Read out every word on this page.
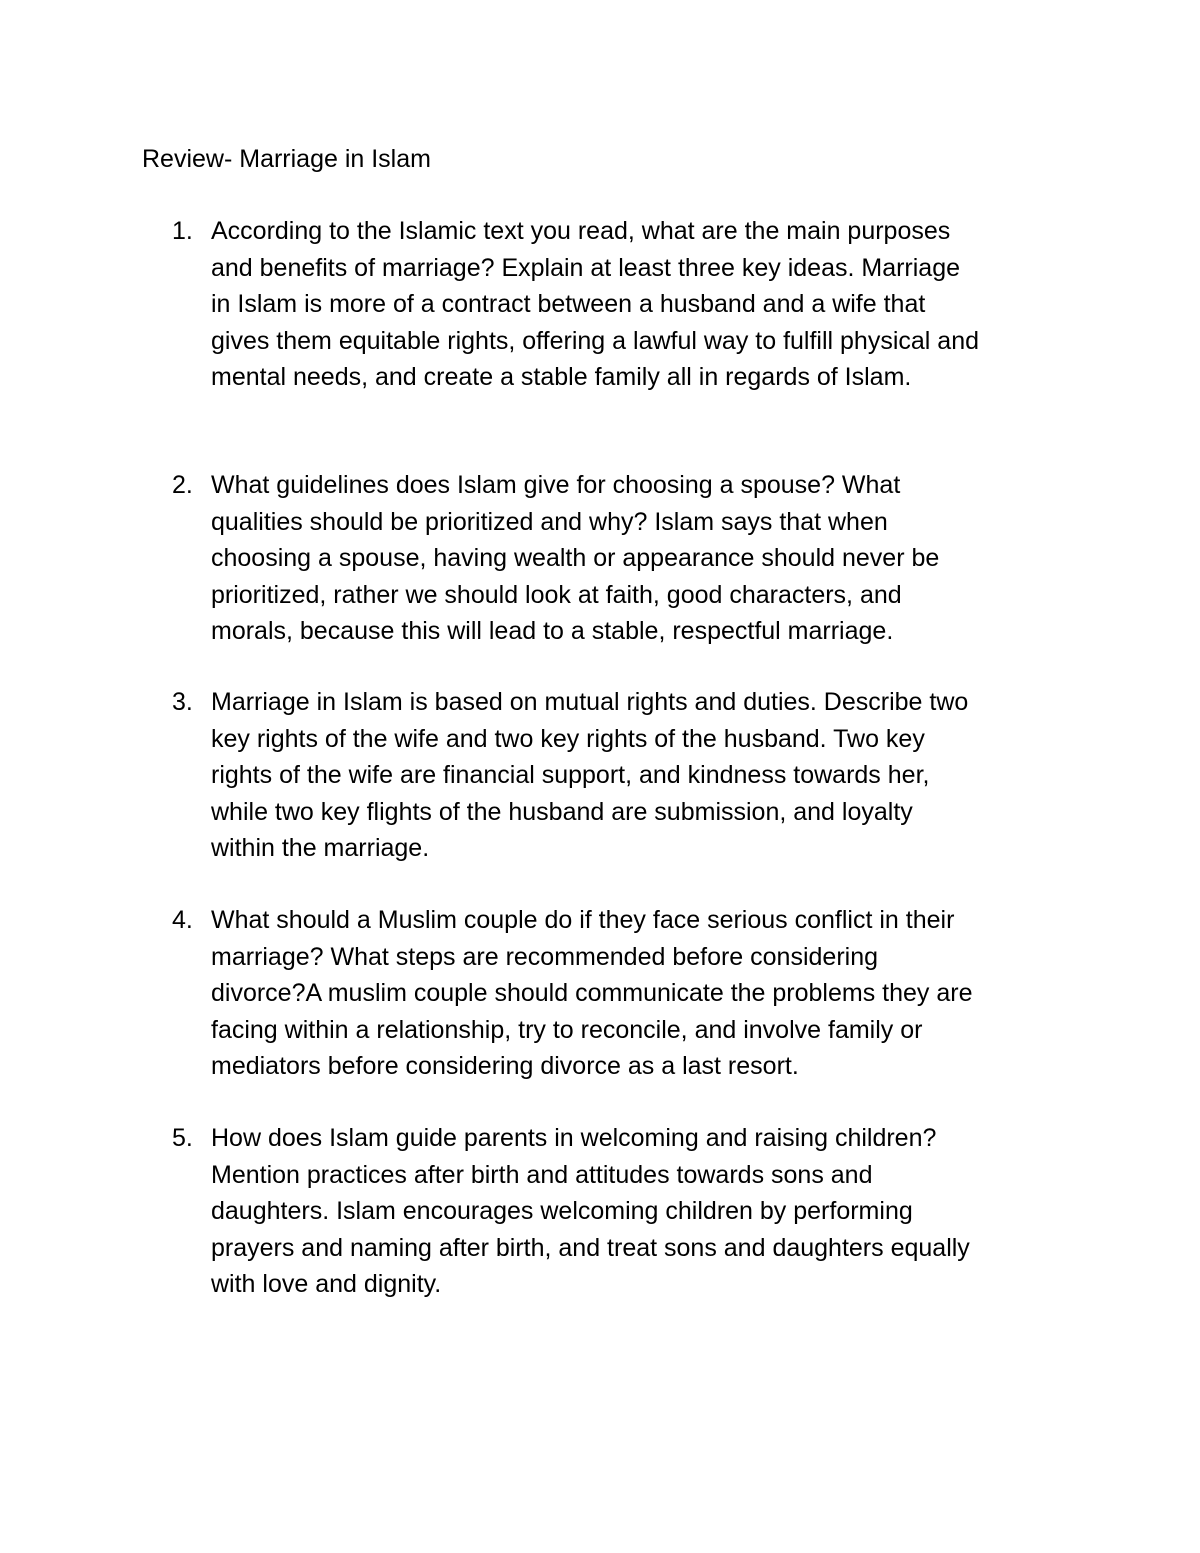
Review- Marriage in Islam
1. According to the Islamic text you read, what are the main purposes
and benefits of marriage? Explain at least three key ideas. Marriage
in Islam is more of a contract between a husband and a wife that
gives them equitable rights, offering a lawful way to fulfill physical and
mental needs, and create a stable family all in regards of Islam.
2. What guidelines does Islam give for choosing a spouse? What
qualities should be prioritized and why? Islam says that when
choosing a spouse, having wealth or appearance should never be
prioritized, rather we should look at faith, good characters, and
morals, because this will lead to a stable, respectful marriage.
3. Marriage in Islam is based on mutual rights and duties. Describe two
key rights of the wife and two key rights of the husband. Two key
rights of the wife are financial support, and kindness towards her,
while two key flights of the husband are submission, and loyalty
within the marriage.
4. What should a Muslim couple do if they face serious conflict in their
marriage? What steps are recommended before considering
divorce?A muslim couple should communicate the problems they are
facing within a relationship, try to reconcile, and involve family or
mediators before considering divorce as a last resort.
5. How does Islam guide parents in welcoming and raising children?
Mention practices after birth and attitudes towards sons and
daughters. Islam encourages welcoming children by performing
prayers and naming after birth, and treat sons and daughters equally
with love and dignity.
